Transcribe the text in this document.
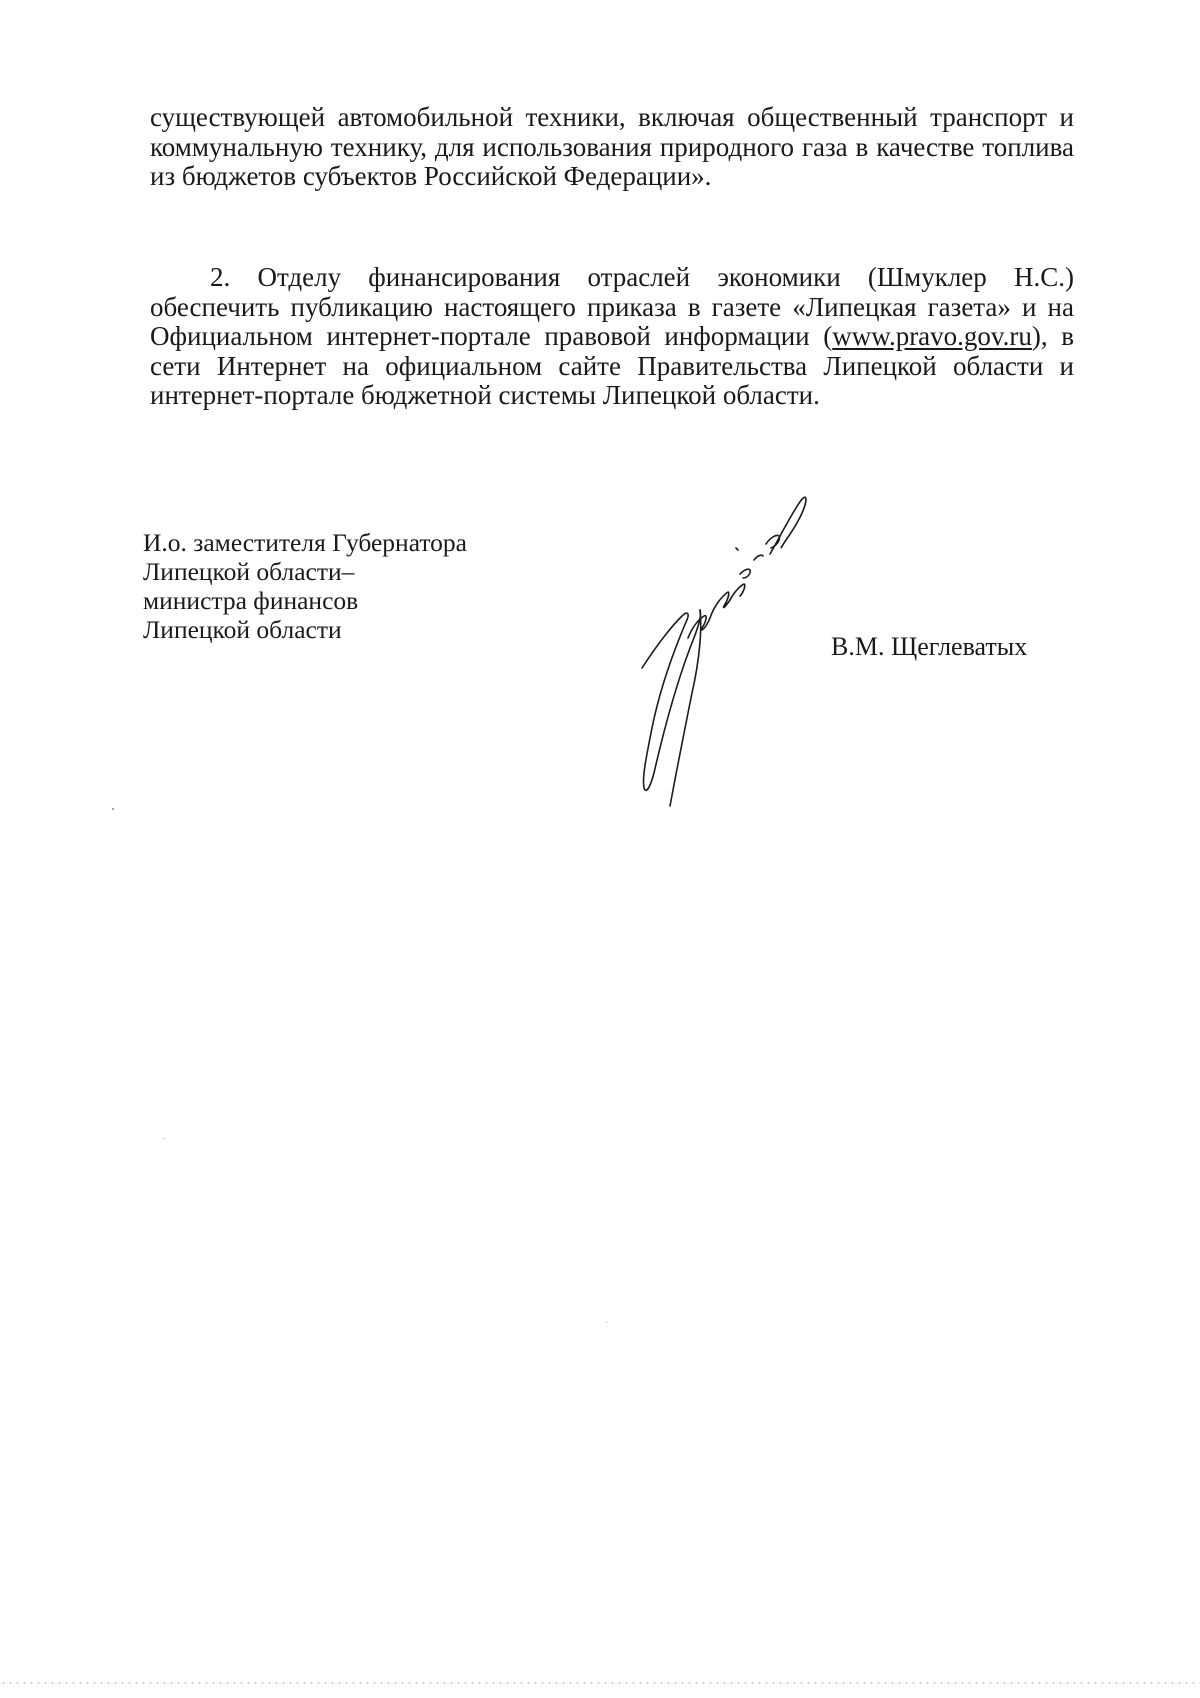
существующей автомобильной техники, включая общественный транспорт и коммунальную технику, для использования природного газа в качестве топлива из бюджетов субъектов Российской Федерации».

2. Отделу финансирования отраслей экономики (Шмуклер Н.С.) обеспечить публикацию настоящего приказа в газете «Липецкая газета» и на Официальном интернет-портале правовой информации (www.pravo.gov.ru), в сети Интернет на официальном сайте Правительства Липецкой области и интернет-портале бюджетной системы Липецкой области.

И.о. заместителя Губернатора
Липецкой области–
министра финансов
Липецкой области
В.М. Щеглеватых
